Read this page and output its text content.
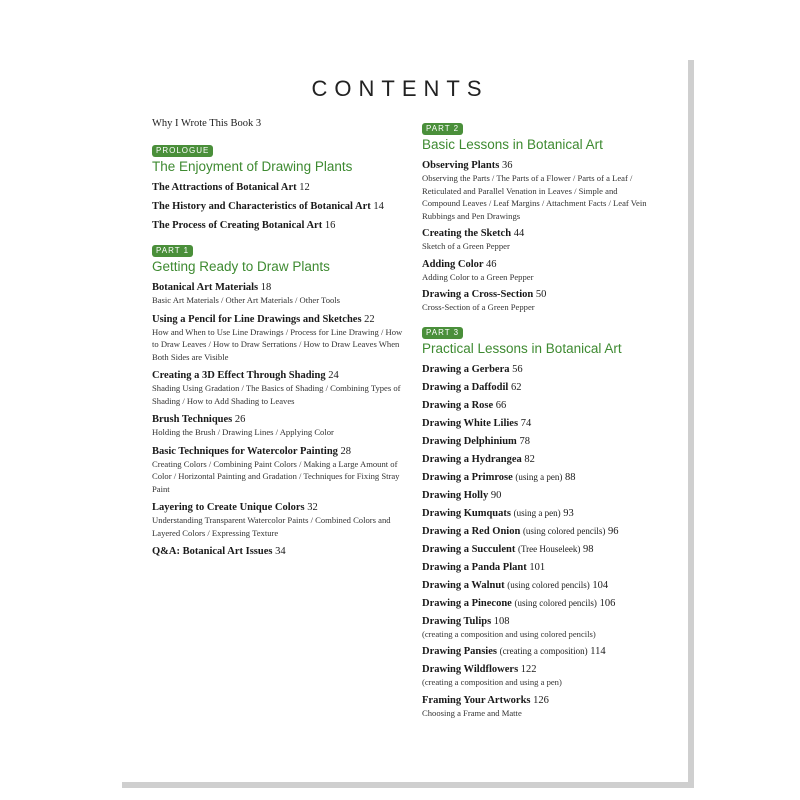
CONTENTS
Why I Wrote This Book 3
PROLOGUE
The Enjoyment of Drawing Plants
The Attractions of Botanical Art 12
The History and Characteristics of Botanical Art 14
The Process of Creating Botanical Art 16
PART 1
Getting Ready to Draw Plants
Botanical Art Materials 18
Basic Art Materials / Other Art Materials / Other Tools
Using a Pencil for Line Drawings and Sketches 22
How and When to Use Line Drawings / Process for Line Drawing / How to Draw Leaves / How to Draw Serrations / How to Draw Leaves When Both Sides are Visible
Creating a 3D Effect Through Shading 24
Shading Using Gradation / The Basics of Shading / Combining Types of Shading / How to Add Shading to Leaves
Brush Techniques 26
Holding the Brush / Drawing Lines / Applying Color
Basic Techniques for Watercolor Painting 28
Creating Colors / Combining Paint Colors / Making a Large Amount of Color / Horizontal Painting and Gradation / Techniques for Fixing Stray Paint
Layering to Create Unique Colors 32
Understanding Transparent Watercolor Paints / Combined Colors and Layered Colors / Expressing Texture
Q&A: Botanical Art Issues 34
PART 2
Basic Lessons in Botanical Art
Observing Plants 36
Observing the Parts / The Parts of a Flower / Parts of a Leaf / Reticulated and Parallel Venation in Leaves / Simple and Compound Leaves / Leaf Margins / Attachment Facts / Leaf Vein Rubbings and Pen Drawings
Creating the Sketch 44
Sketch of a Green Pepper
Adding Color 46
Adding Color to a Green Pepper
Drawing a Cross-Section 50
Cross-Section of a Green Pepper
PART 3
Practical Lessons in Botanical Art
Drawing a Gerbera 56
Drawing a Daffodil 62
Drawing a Rose 66
Drawing White Lilies 74
Drawing Delphinium 78
Drawing a Hydrangea 82
Drawing a Primrose (using a pen) 88
Drawing Holly 90
Drawing Kumquats (using a pen) 93
Drawing a Red Onion (using colored pencils) 96
Drawing a Succulent (Tree Houseleek) 98
Drawing a Panda Plant 101
Drawing a Walnut (using colored pencils) 104
Drawing a Pinecone (using colored pencils) 106
Drawing Tulips 108
(creating a composition and using colored pencils)
Drawing Pansies (creating a composition) 114
Drawing Wildflowers 122
(creating a composition and using a pen)
Framing Your Artworks 126
Choosing a Frame and Matte
